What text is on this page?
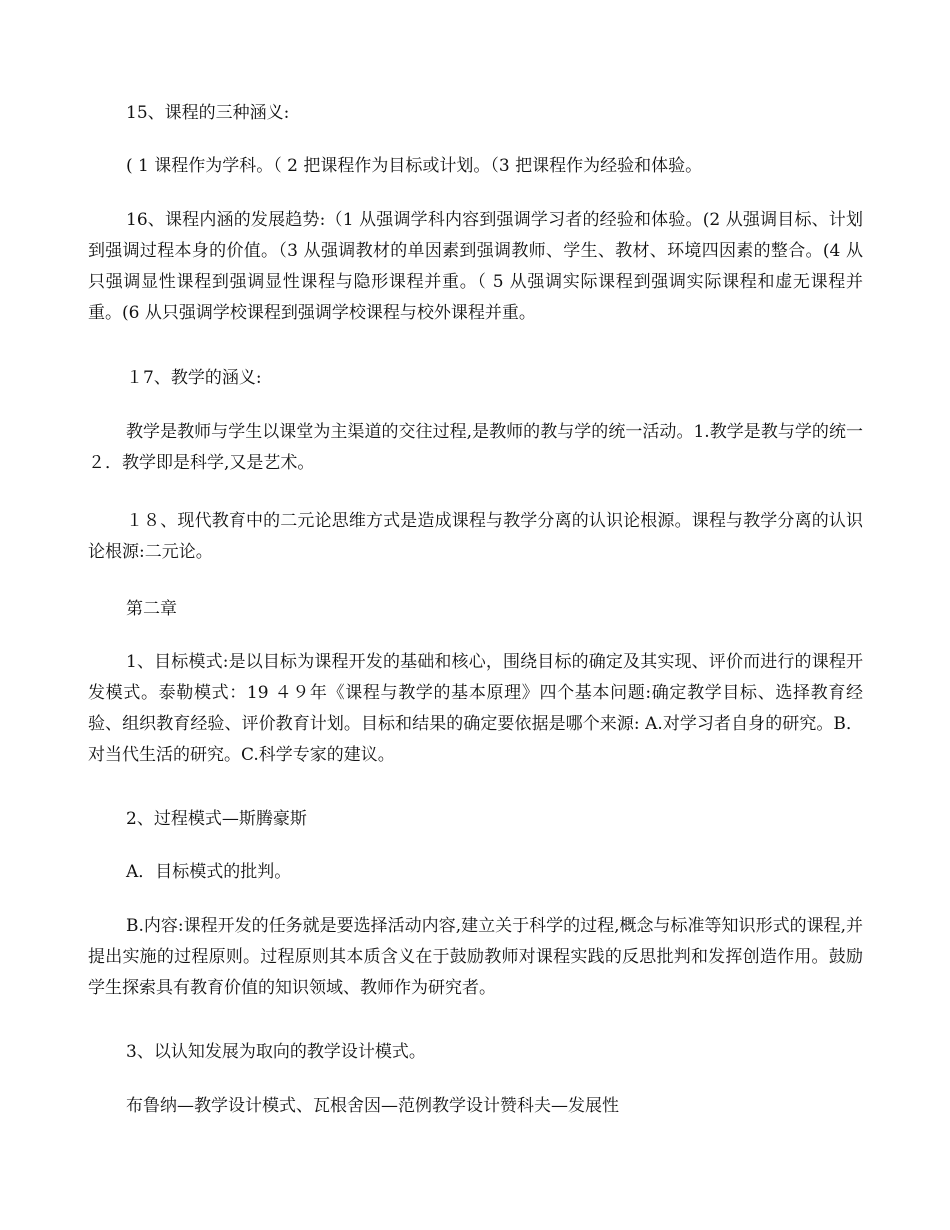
15、课程的三种涵义:

( 1 课程作为学科。（ 2 把课程作为目标或计划。（3 把课程作为经验和体验。

16、课程内涵的发展趋势:（1 从强调学科内容到强调学习者的经验和体验。(2 从强调目标、计划到强调过程本身的价值。（3 从强调教材的单因素到强调教师、学生、教材、环境四因素的整合。(4 从只强调显性课程到强调显性课程与隐形课程并重。（ 5 从强调实际课程到强调实际课程和虚无课程并重。(6 从只强调学校课程到强调学校课程与校外课程并重。

１7、教学的涵义:

教学是教师与学生以课堂为主渠道的交往过程,是教师的教与学的统一活动。1.教学是教与学的统一２．教学即是科学,又是艺术。

１８、现代教育中的二元论思维方式是造成课程与教学分离的认识论根源。课程与教学分离的认识论根源:二元论。

第二章

1、目标模式:是以目标为课程开发的基础和核心，围绕目标的确定及其实现、评价而进行的课程开发模式。泰勒模式：19 ４９年《课程与教学的基本原理》四个基本问题:确定教学目标、选择教育经验、组织教育经验、评价教育计划。目标和结果的确定要依据是哪个来源: A.对学习者自身的研究。B．对当代生活的研究。C.科学专家的建议。

2、过程模式—斯腾豪斯

A．目标模式的批判。

B.内容:课程开发的任务就是要选择活动内容,建立关于科学的过程,概念与标准等知识形式的课程,并提出实施的过程原则。过程原则其本质含义在于鼓励教师对课程实践的反思批判和发挥创造作用。鼓励学生探索具有教育价值的知识领域、教师作为研究者。

3、以认知发展为取向的教学设计模式。

布鲁纳—教学设计模式、瓦根舍因—范例教学设计赞科夫—发展性
